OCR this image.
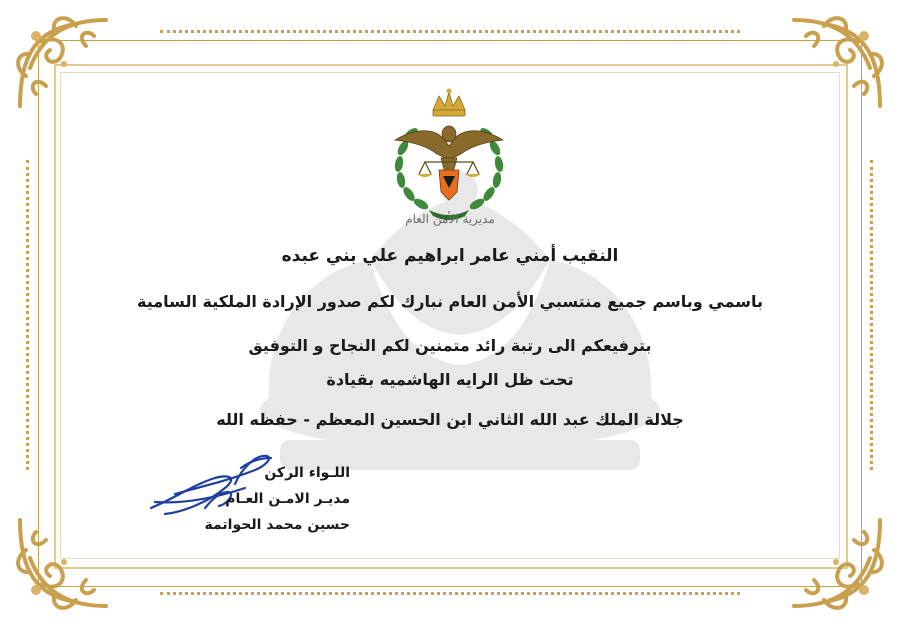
مديرية الأمن العام
النقيب أمني عامر ابراهيم علي بني عبده
باسمي وباسم جميع منتسبي الأمن العام نبارك لكم صدور الإرادة الملكية السامية
بترفيعكم الى رتبة رائد متمنين لكم النجاح و التوفيق
تحت ظل الرايه الهاشميه بقيادة
جلالة الملك عبد الله الثاني ابن الحسين المعظم - حفظه الله
اللـواء الركن
مديـر الامـن العـام
حسين محمد الحواتمة
